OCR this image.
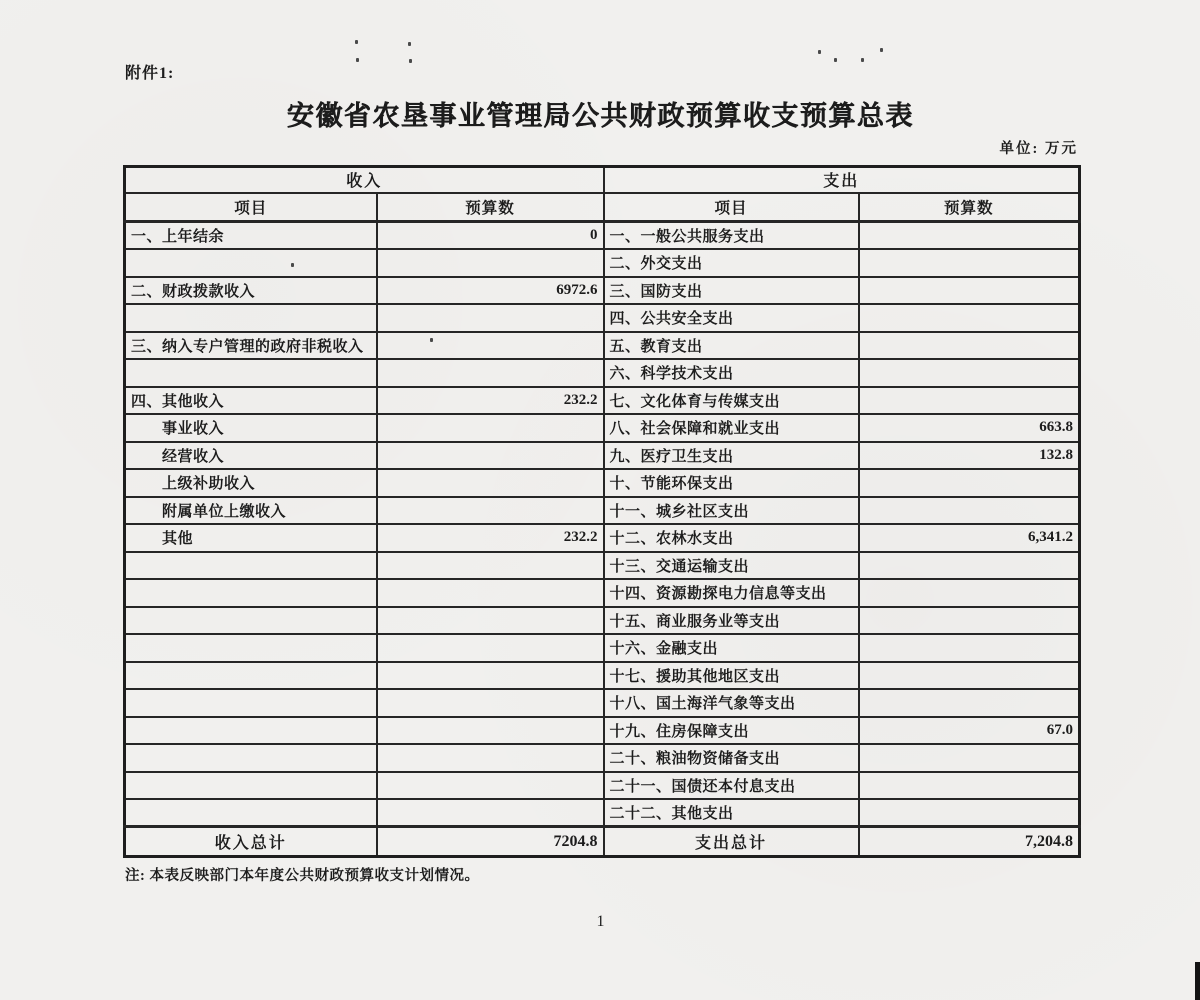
附件1:
安徽省农垦事业管理局公共财政预算收支预算总表
单位: 万元
收入		支出	
项目	预算数	项目	预算数
一、上年结余	0	一、一般公共服务支出	
		二、外交支出	
二、财政拨款收入	6972.6	三、国防支出	
		四、公共安全支出	
三、纳入专户管理的政府非税收入		五、教育支出	
		六、科学技术支出	
四、其他收入	232.2	七、文化体育与传媒支出	
事业收入		八、社会保障和就业支出	663.8
经营收入		九、医疗卫生支出	132.8
上级补助收入		十、节能环保支出	
附属单位上缴收入		十一、城乡社区支出	
其他	232.2	十二、农林水支出	6,341.2
		十三、交通运输支出	
		十四、资源勘探电力信息等支出	
		十五、商业服务业等支出	
		十六、金融支出	
		十七、援助其他地区支出	
		十八、国土海洋气象等支出	
		十九、住房保障支出	67.0
		二十、粮油物资储备支出	
		二十一、国债还本付息支出	
		二十二、其他支出	
收入总计	7204.8	支出总计	7,204.8
注: 本表反映部门本年度公共财政预算收支计划情况。
1
